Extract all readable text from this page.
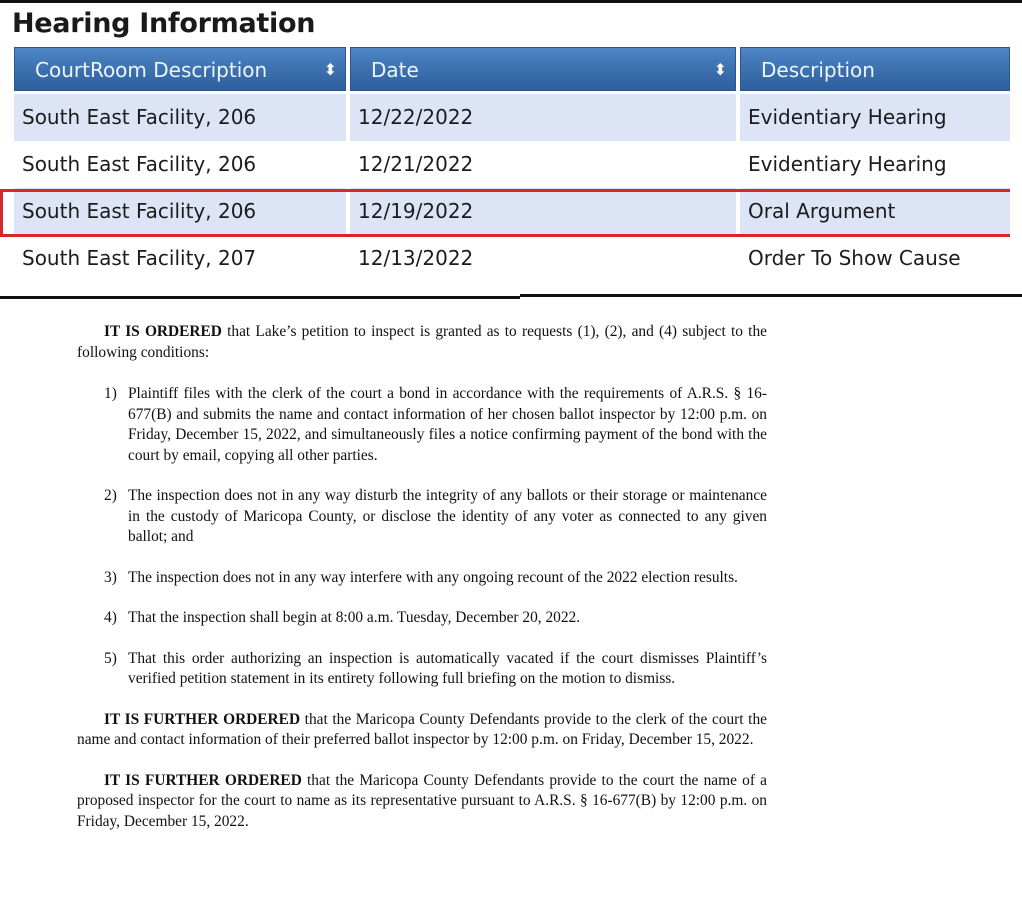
Hearing Information
CourtRoom Description	⬍	Date	⬍	Description
South East Facility, 206	12/22/2022	Evidentiary Hearing
South East Facility, 206	12/21/2022	Evidentiary Hearing
South East Facility, 206	12/19/2022	Oral Argument
South East Facility, 207	12/13/2022	Order To Show Cause

IT IS ORDERED that Lake’s petition to inspect is granted as to requests (1), (2), and (4) subject to the following conditions:

1) Plaintiff files with the clerk of the court a bond in accordance with the requirements of A.R.S. § 16-677(B) and submits the name and contact information of her chosen ballot inspector by 12:00 p.m. on Friday, December 15, 2022, and simultaneously files a notice confirming payment of the bond with the court by email, copying all other parties.

2) The inspection does not in any way disturb the integrity of any ballots or their storage or maintenance in the custody of Maricopa County, or disclose the identity of any voter as connected to any given ballot; and

3) The inspection does not in any way interfere with any ongoing recount of the 2022 election results.

4) That the inspection shall begin at 8:00 a.m. Tuesday, December 20, 2022.

5) That this order authorizing an inspection is automatically vacated if the court dismisses Plaintiff’s verified petition statement in its entirety following full briefing on the motion to dismiss.

IT IS FURTHER ORDERED that the Maricopa County Defendants provide to the clerk of the court the name and contact information of their preferred ballot inspector by 12:00 p.m. on Friday, December 15, 2022.

IT IS FURTHER ORDERED that the Maricopa County Defendants provide to the court the name of a proposed inspector for the court to name as its representative pursuant to A.R.S. § 16-677(B) by 12:00 p.m. on Friday, December 15, 2022.
